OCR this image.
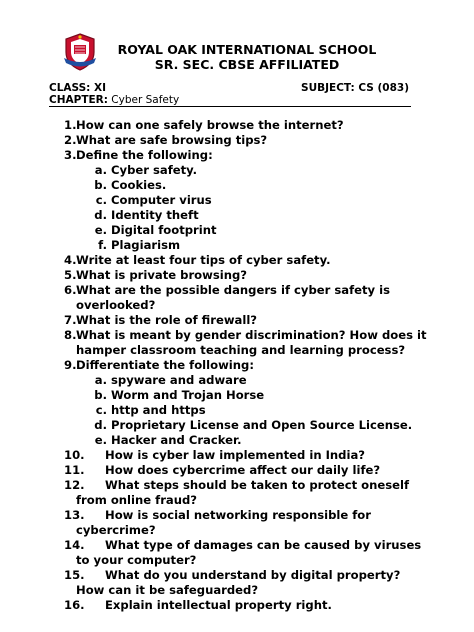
ROYAL OAK INTERNATIONAL SCHOOL
SR. SEC. CBSE AFFILIATED
CLASS: XI	SUBJECT: CS (083)
CHAPTER: Cyber Safety
1. How can one safely browse the internet?
2. What are safe browsing tips?
3. Define the following:
a. Cyber safety.
b. Cookies.
c. Computer virus
d. Identity theft
e. Digital footprint
f. Plagiarism
4. Write at least four tips of cyber safety.
5. What is private browsing?
6. What are the possible dangers if cyber safety is
overlooked?
7. What is the role of firewall?
8. What is meant by gender discrimination? How does it
hamper classroom teaching and learning process?
9. Differentiate the following:
a. spyware and adware
b. Worm and Trojan Horse
c. http and https
d. Proprietary License and Open Source License.
e. Hacker and Cracker.
10. How is cyber law implemented in India?
11. How does cybercrime affect our daily life?
12. What steps should be taken to protect oneself
from online fraud?
13. How is social networking responsible for
cybercrime?
14. What type of damages can be caused by viruses
to your computer?
15. What do you understand by digital property?
How can it be safeguarded?
16. Explain intellectual property right.
